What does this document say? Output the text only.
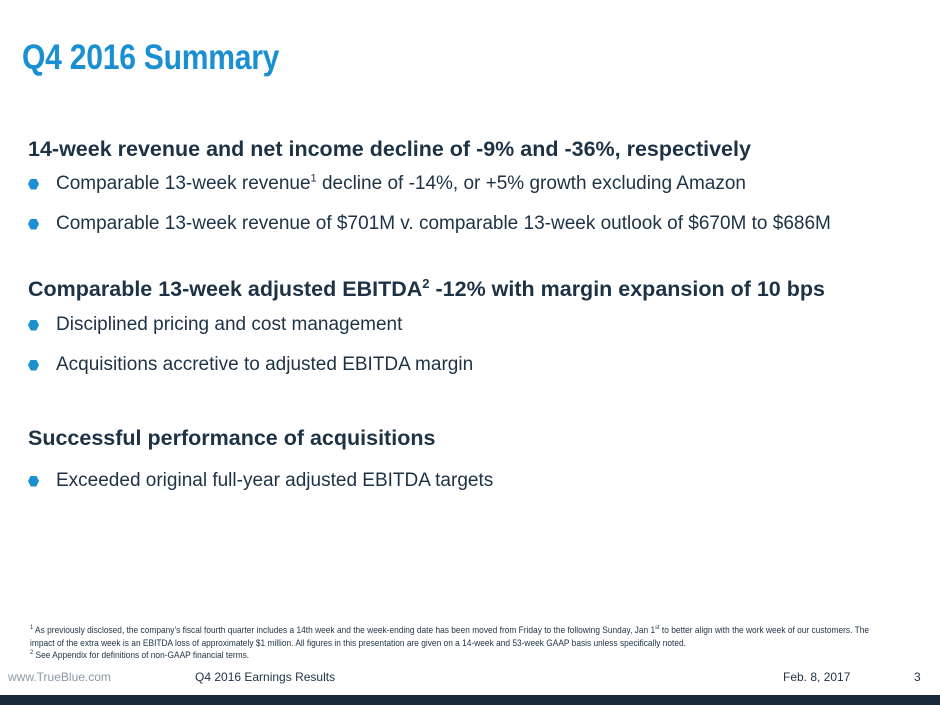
Q4 2016 Summary
14-week revenue and net income decline of -9% and -36%, respectively
Comparable 13-week revenue$^1$ decline of -14%, or +5% growth excluding Amazon
Comparable 13-week revenue of $701M v. comparable 13-week outlook of $670M to $686M
Comparable 13-week adjusted EBITDA$^2$ -12% with margin expansion of 10 bps
Disciplined pricing and cost management
Acquisitions accretive to adjusted EBITDA margin
Successful performance of acquisitions
Exceeded original full-year adjusted EBITDA targets
$^1$ As previously disclosed, the company’s fiscal fourth quarter includes a 14th week and the week-ending date has been moved from Friday to the following Sunday, Jan 1st to better align with the work week of our customers. The
impact of the extra week is an EBITDA loss of approximately $1 million. All figures in this presentation are given on a 14-week and 53-week GAAP basis unless specifically noted.
$^2$ See Appendix for definitions of non-GAAP financial terms.
www.TrueBlue.com	Q4 2016 Earnings Results	Feb. 8, 2017	3
